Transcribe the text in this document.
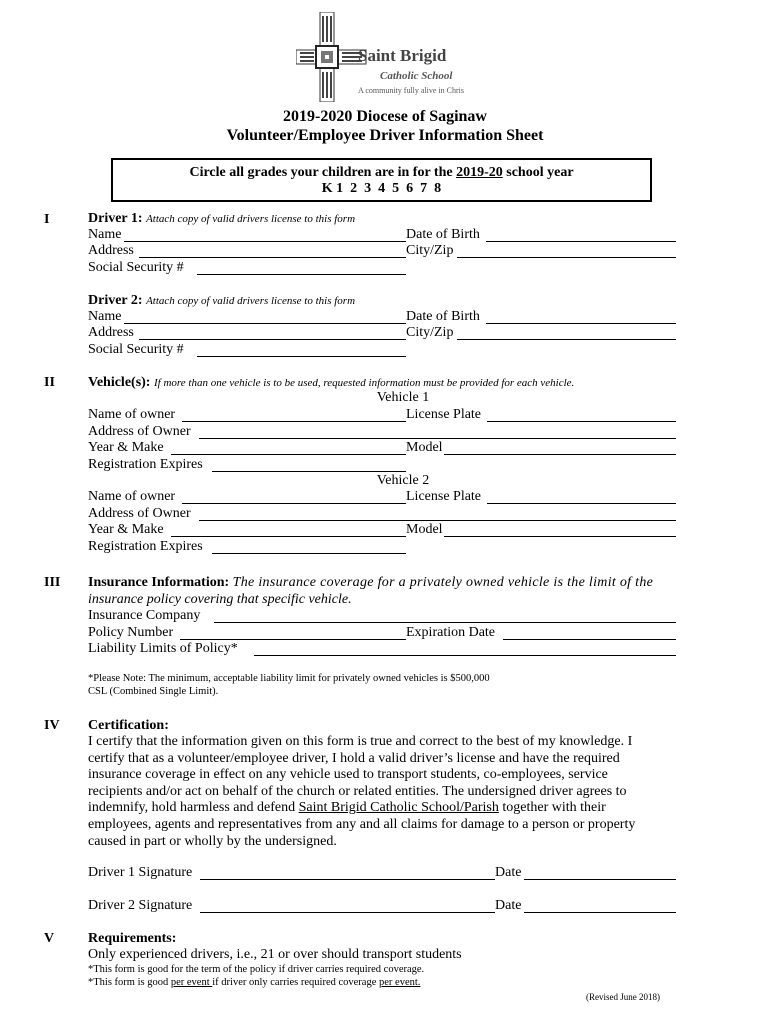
Saint Brigid
Catholic School
A community fully alive in Chris
2019-2020 Diocese of Saginaw
Volunteer/Employee Driver Information Sheet
Circle all grades your children are in for the 2019-20 school year
K 1  2  3  4  5  6  7  8
I	Driver 1: Attach copy of valid drivers license to this form
Name	Date of Birth
Address	City/Zip
Social Security #
Driver 2: Attach copy of valid drivers license to this form
Name	Date of Birth
Address	City/Zip
Social Security #
II Vehicle(s): If more than one vehicle is to be used, requested information must be provided for each vehicle.
Vehicle 1
Name of owner	License Plate
Address of Owner
Year & Make	Model
Registration Expires
Vehicle 2
Name of owner	License Plate
Address of Owner
Year & Make	Model
Registration Expires
III Insurance Information: The insurance coverage for a privately owned vehicle is the limit of the
insurance policy covering that specific vehicle.
Insurance Company
Policy Number	Expiration Date
Liability Limits of Policy*
*Please Note: The minimum, acceptable liability limit for privately owned vehicles is $500,000
CSL (Combined Single Limit).
IV Certification:
I certify that the information given on this form is true and correct to the best of my knowledge. I
certify that as a volunteer/employee driver, I hold a valid driver’s license and have the required
insurance coverage in effect on any vehicle used to transport students, co-employees, service
recipients and/or act on behalf of the church or related entities. The undersigned driver agrees to
indemnify, hold harmless and defend Saint Brigid Catholic School/Parish together with their
employees, agents and representatives from any and all claims for damage to a person or property
caused in part or wholly by the undersigned.
Driver 1 Signature	Date
Driver 2 Signature	Date
V Requirements:
Only experienced drivers, i.e., 21 or over should transport students
*This form is good for the term of the policy if driver carries required coverage.
*This form is good per event if driver only carries required coverage per event.
(Revised June 2018)
